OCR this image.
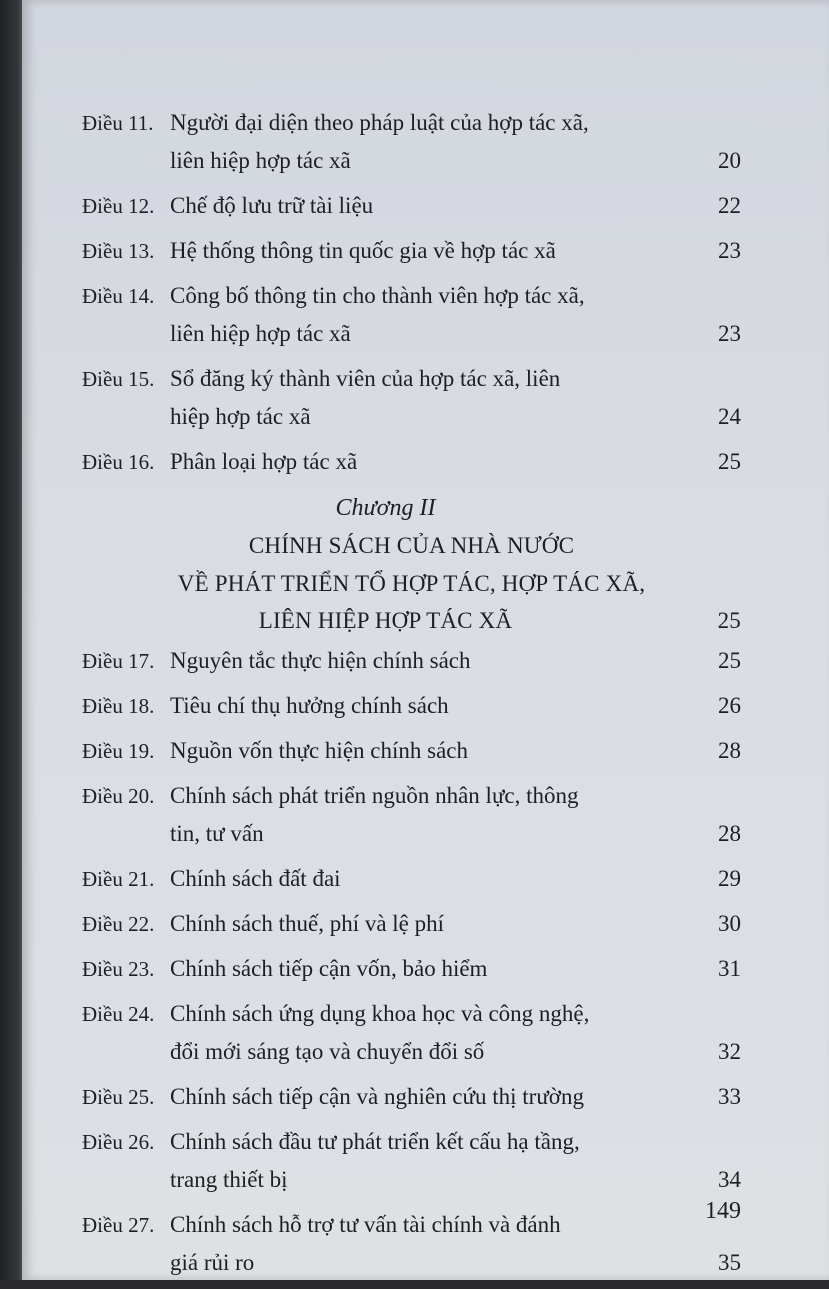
Điều 11. Người đại diện theo pháp luật của hợp tác xã,
liên hiệp hợp tác xã	20
Điều 12. Chế độ lưu trữ tài liệu	22
Điều 13. Hệ thống thông tin quốc gia về hợp tác xã	23
Điều 14. Công bố thông tin cho thành viên hợp tác xã,
liên hiệp hợp tác xã	23
Điều 15. Sổ đăng ký thành viên của hợp tác xã, liên
hiệp hợp tác xã	24
Điều 16. Phân loại hợp tác xã	25
Chương II
CHÍNH SÁCH CỦA NHÀ NƯỚC
VỀ PHÁT TRIỂN TỔ HỢP TÁC, HỢP TÁC XÃ,
LIÊN HIỆP HỢP TÁC XÃ	25
Điều 17. Nguyên tắc thực hiện chính sách	25
Điều 18. Tiêu chí thụ hưởng chính sách	26
Điều 19. Nguồn vốn thực hiện chính sách	28
Điều 20. Chính sách phát triển nguồn nhân lực, thông
tin, tư vấn	28
Điều 21. Chính sách đất đai	29
Điều 22. Chính sách thuế, phí và lệ phí	30
Điều 23. Chính sách tiếp cận vốn, bảo hiểm	31
Điều 24. Chính sách ứng dụng khoa học và công nghệ,
đổi mới sáng tạo và chuyển đổi số	32
Điều 25. Chính sách tiếp cận và nghiên cứu thị trường	33
Điều 26. Chính sách đầu tư phát triển kết cấu hạ tầng,
trang thiết bị	34
Điều 27. Chính sách hỗ trợ tư vấn tài chính và đánh
giá rủi ro	35
149
